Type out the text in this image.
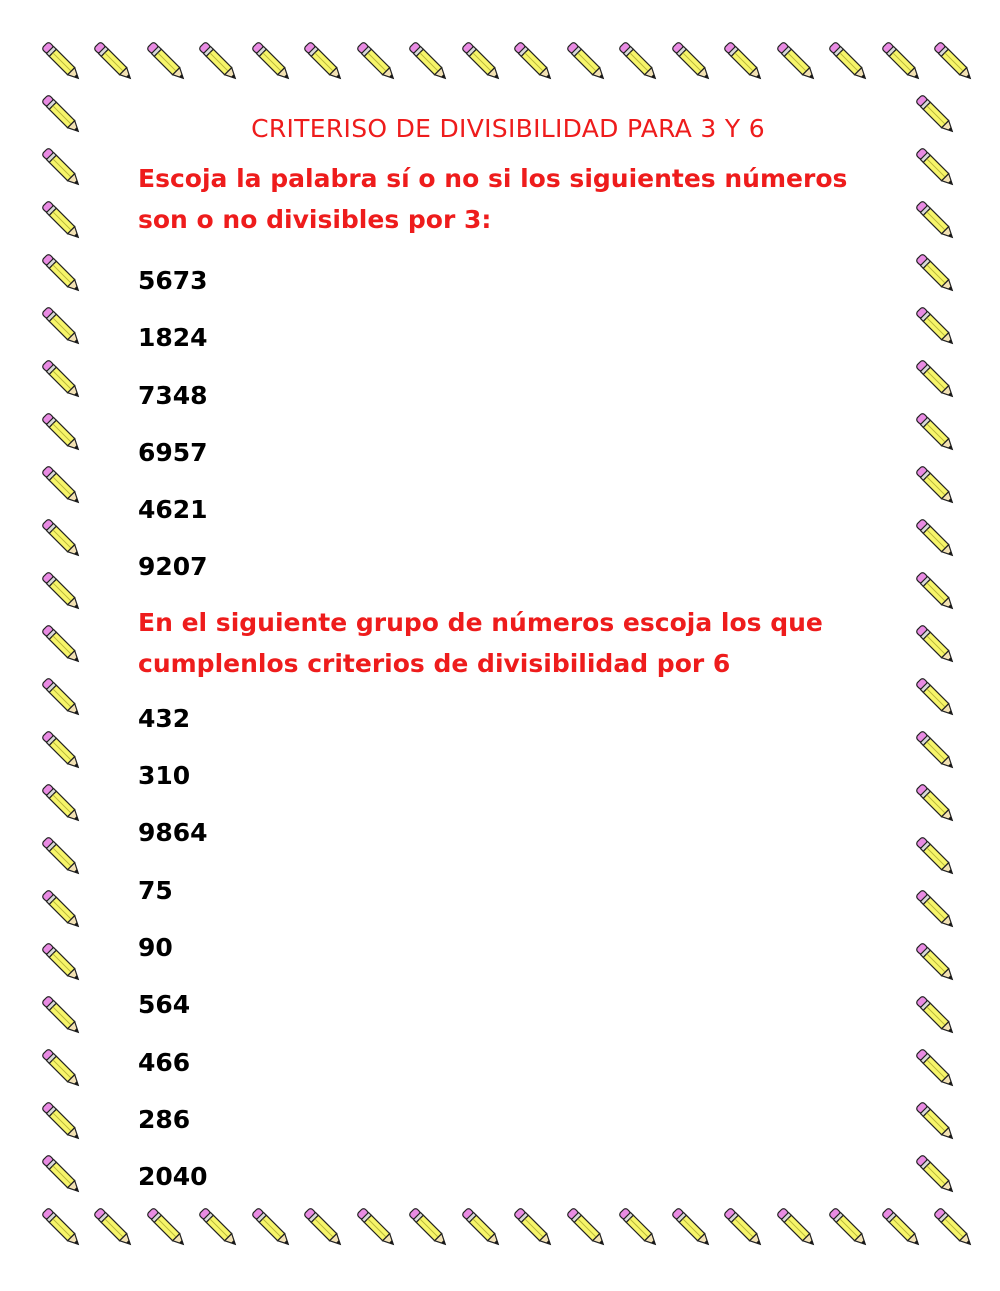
CRITERISO DE DIVISIBILIDAD PARA 3 Y 6

Escoja la palabra sí o no si los siguientes números
son o no divisibles por 3:

5673
1824
7348
6957
4621
9207

En el siguiente grupo de números escoja los que
cumplenlos criterios de divisibilidad por 6

432
310
9864
75
90
564
466
286
2040
